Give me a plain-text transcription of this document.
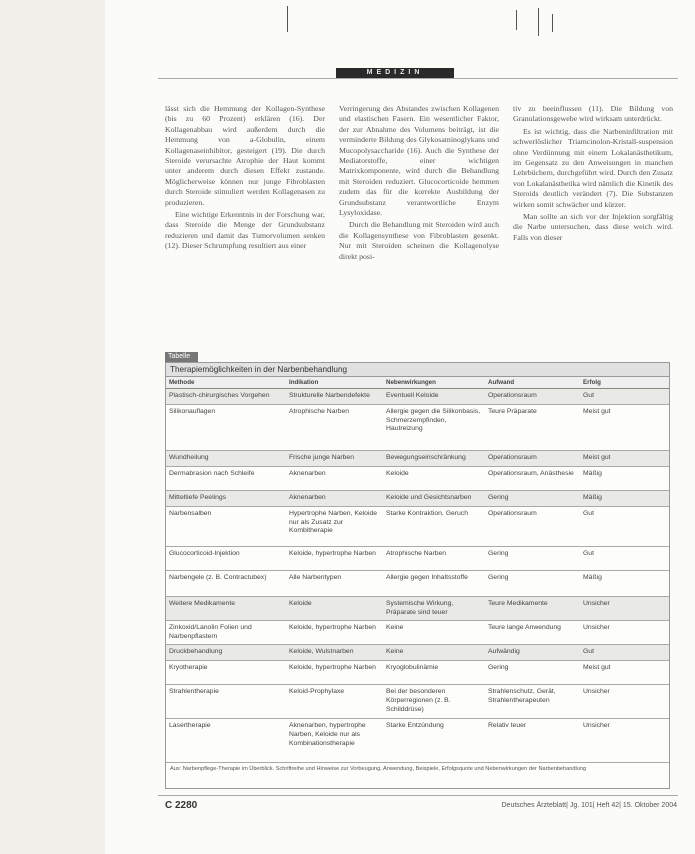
MEDIZIN

lässt sich die Hemmung der Kollagen-Synthese (bis zu 60 Prozent) erklären (16). Der Kollagenabbau wird außerdem durch die Hemmung von a-Globulin, einem Kollagenaseinhibitor, gesteigert (19). Die durch Steroide verursachte Atrophie der Haut kommt unter anderem durch diesen Effekt zustande. Möglicherweise können nur junge Fibroblasten durch Steroide stimuliert werden Kollagenasen zu produzieren.

Eine wichtige Erkenntnis in der Forschung war, dass Steroide die Menge der Grundsubstanz reduzieren und damit das Tumorvolumen senken (12). Dieser Schrumpfung resultiert aus einer

Verringerung des Abstandes zwischen Kollagenen und elastischen Fasern. Ein wesentlicher Faktor, der zur Abnahme des Volumens beiträgt, ist die verminderte Bildung des Glykosaminoglykans und Mucopolysaccharide (16). Auch die Synthese der Mediatorstoffe, einer wichtigen Matrixkomponente, wird durch die Behandlung mit Steroiden reduziert. Glucocorticoide hemmen zudem das für die korrekte Ausbildung der Grundsubstanz verantwortliche Enzym Lysyloxidase.

Durch die Behandlung mit Steroiden wird auch die Kollagensynthese von Fibroblasten gesenkt. Nur mit Steroiden scheinen die Kollagenolyse direkt posi-

tiv zu beeinflussen (11). Die Bildung von Granulationsgewebe wird wirksam unterdrückt.

Es ist wichtig, dass die Narbeninfiltration mit schwerlöslicher Triamcinolon-Kristall-suspension ohne Verdünnung mit einem Lokalanästhetikum, im Gegensatz zu den Anweisungen in manchen Lehrbüchern, durchgeführt wird. Durch den Zusatz von Lokalanästhetika wird nämlich die Kinetik des Steroids deutlich verändert (7). Die Substanzen wirken somit schwächer und kürzer.

Man sollte an sich vor der Injektion sorgfältig die Narbe untersuchen, dass diese weich wird. Falls von dieser

Tabelle
Therapiemöglichkeiten in der Narbenbehandlung
Methode	Indikation	Nebenwirkungen	Aufwand	Erfolg
Plastisch-chirurgisches Vorgehen	Strukturelle Narbendefekte	Eventuell Keloide	Operationsraum	Gut
Silikonauflagen	Atrophische Narben	Allergie gegen die Silikonbasis, Schmerzempfinden, Hautreizung	Teure Präparate	Meist gut
Wundheilung	Frische junge Narben	Bewegungseinschränkung	Operationsraum	Meist gut
Dermabrasion nach Schleife	Aknenarben	Keloide	Operationsraum, Anästhesie	Mäßig
Mitteltiefe Peelings	Aknenarben	Keloide und Gesichtsnarben	Gering	Mäßig
Narbensalben	Hypertrophe Narben, Keloide nur als Zusatz zur Kombitherapie	Starke Kontraktion, Geruch	Operationsraum	Gut
Glucocorticoid-Injektion	Keloide, hypertrophe Narben	Atrophische Narben	Gering	Gut
Narbengele (z. B. Contractubex)	Alle Narbentypen	Allergie gegen Inhaltsstoffe	Gering	Mäßig
Weitere Medikamente	Keloide	Systemische Wirkung, Präparate sind teuer	Teure Medikamente	Unsicher
Zinkoxid/Lanolin Folien und Narbenpflastern	Keloide, hypertrophe Narben	Keine	Teure lange Anwendung	Unsicher
Druckbehandlung	Keloide, Wulstnarben	Keine	Aufwändig	Gut
Kryotherapie	Keloide, hypertrophe Narben	Kryoglobulinämie	Gering	Meist gut
Strahlentherapie	Keloid-Prophylaxe	Bei der besonderen Körperregionen (z. B. Schilddrüse)	Strahlenschutz, Gerät, Strahlentherapeuten	Unsicher
Lasertherapie	Aknenarben, hypertrophe Narben, Keloide nur als Kombinationstherapie	Starke Entzündung	Relativ teuer	Unsicher
Aus: Narbenpflege-Therapie im Überblick. Schriftreihe und Hinweise zur Vorbeugung, Anwendung, Beispiele, Erfolgsquote und Nebenwirkungen der Narbenbehandlung
C 2280	Deutsches Ärzteblatt| Jg. 101| Heft 42| 15. Oktober 2004
